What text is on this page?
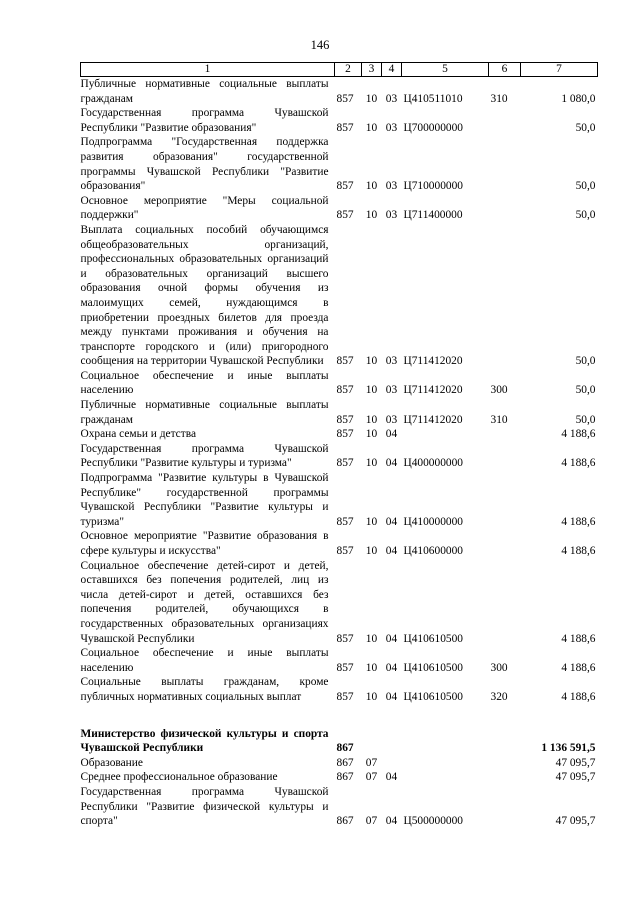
146
1	2	3	4	5	6	7
Публичные нормативные социальные выплаты гражданам	857	10	03	Ц410511010	310	1 080,0
Государственная программа Чувашской Республики "Развитие образования"	857	10	03	Ц700000000		50,0
Подпрограмма "Государственная поддержка развития образования" государственной программы Чувашской Республики "Развитие образования"	857	10	03	Ц710000000		50,0
Основное мероприятие "Меры социальной поддержки"	857	10	03	Ц711400000		50,0
Выплата социальных пособий обучающимся общеобразовательных организаций, профессиональных образовательных организаций и образовательных организаций высшего образования очной формы обучения из малоимущих семей, нуждающимся в приобретении проездных билетов для проезда между пунктами проживания и обучения на транспорте городского и (или) пригородного сообщения на территории Чувашской Республики	857	10	03	Ц711412020		50,0
Социальное обеспечение и иные выплаты населению	857	10	03	Ц711412020	300	50,0
Публичные нормативные социальные выплаты гражданам	857	10	03	Ц711412020	310	50,0
Охрана семьи и детства	857	10	04			4 188,6
Государственная программа Чувашской Республики "Развитие культуры и туризма"	857	10	04	Ц400000000		4 188,6
Подпрограмма "Развитие культуры в Чувашской Республике" государственной программы Чувашской Республики "Развитие культуры и туризма"	857	10	04	Ц410000000		4 188,6
Основное мероприятие "Развитие образования в сфере культуры и искусства"	857	10	04	Ц410600000		4 188,6
Социальное обеспечение детей-сирот и детей, оставшихся без попечения родителей, лиц из числа детей-сирот и детей, оставшихся без попечения родителей, обучающихся в государственных образовательных организациях Чувашской Республики	857	10	04	Ц410610500		4 188,6
Социальное обеспечение и иные выплаты населению	857	10	04	Ц410610500	300	4 188,6
Социальные выплаты гражданам, кроме публичных нормативных социальных выплат	857	10	04	Ц410610500	320	4 188,6

Министерство физической культуры и спорта Чувашской Республики	867					1 136 591,5
Образование	867	07				47 095,7
Среднее профессиональное образование	867	07	04			47 095,7
Государственная программа Чувашской Республики "Развитие физической культуры и спорта"	867	07	04	Ц500000000		47 095,7
